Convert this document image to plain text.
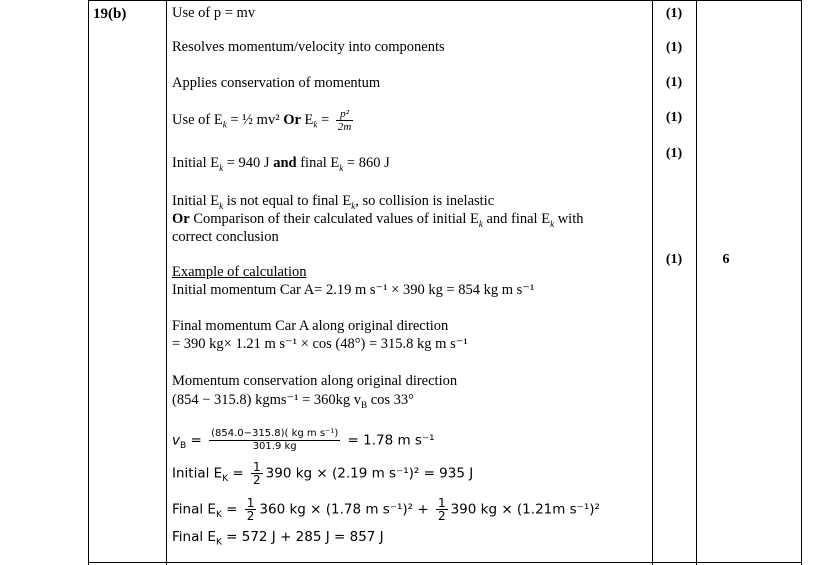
19(b)	Use of p = mv
Resolves momentum/velocity into components
Applies conservation of momentum
Use of $E_k$ = ½ mv² Or $E_k = \frac{\text{p²}}{2m}$
Initial $E_k = 940$ J and final $E_k = 860$ J
Initial $E_k$ is not equal to final $E_k$, so collision is inelastic
Or Comparison of their calculated values of initial $E_k$ and final $E_k$ with
correct conclusion
Example of calculation
Initial momentum Car A= 2.19 m s⁻¹ × 390 kg = 854 kg m s⁻¹
Final momentum Car A along original direction
= 390 kg× 1.21 m s⁻¹ × cos (48°) = 315.8 kg m s⁻¹
Momentum conservation along original direction
(854 − 315.8) kgms⁻¹ = 360kg $v_B$ cos 33°
$v_B = \frac{\text{(854.0−315.8)( kg m s⁻¹)}}{301.9 kg} = 1.78$ m s⁻¹
Initial $E_K = \frac{1}{2} 390$ kg × (2.19 m s⁻¹)² = 935 J
Final $E_K = \frac{1}{2} 360$ kg × (1.78 m $s^{-1})^2 + \frac{1}{2} 390$ kg × (1.21m s⁻¹)²
Final $E_K = 572$ J + 285 J = 857 J
(1)
(1)
(1)
(1)
(1)
(1)	6
